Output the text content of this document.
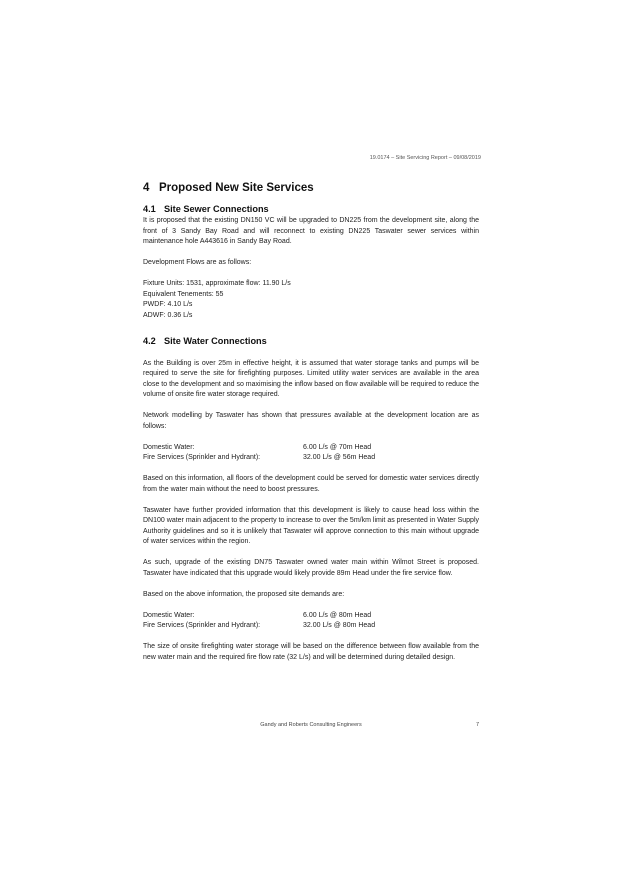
19.0174 – Site Servicing Report – 09/08/2019
4 Proposed New Site Services
4.1 Site Sewer Connections

It is proposed that the existing DN150 VC will be upgraded to DN225 from the development site, along the front of 3 Sandy Bay Road and will reconnect to existing DN225 Taswater sewer services within maintenance hole A443616 in Sandy Bay Road.

Development Flows are as follows:

Fixture Units: 1531, approximate flow: 11.90 L/s

Equivalent Tenements: 55

PWDF: 4.10 L/s

ADWF: 0.36 L/s

4.2 Site Water Connections

As the Building is over 25m in effective height, it is assumed that water storage tanks and pumps will be required to serve the site for firefighting purposes. Limited utility water services are available in the area close to the development and so maximising the inflow based on flow available will be required to reduce the volume of onsite fire water storage required.

Network modelling by Taswater has shown that pressures available at the development location are as follows:

Domestic Water:	6.00 L/s @ 70m Head
Fire Services (Sprinkler and Hydrant):	32.00 L/s @ 56m Head

Based on this information, all floors of the development could be served for domestic water services directly from the water main without the need to boost pressures.

Taswater have further provided information that this development is likely to cause head loss within the DN100 water main adjacent to the property to increase to over the 5m/km limit as presented in Water Supply Authority guidelines and so it is unlikely that Taswater will approve connection to this main without upgrade of water services within the region.

As such, upgrade of the existing DN75 Taswater owned water main within Wilmot Street is proposed. Taswater have indicated that this upgrade would likely provide 89m Head under the fire service flow.

Based on the above information, the proposed site demands are:

Domestic Water:	6.00 L/s @ 80m Head
Fire Services (Sprinkler and Hydrant):	32.00 L/s @ 80m Head

The size of onsite firefighting water storage will be based on the difference between flow available from the new water main and the required fire flow rate (32 L/s) and will be determined during detailed design.

Gandy and Roberts Consulting Engineers	7
